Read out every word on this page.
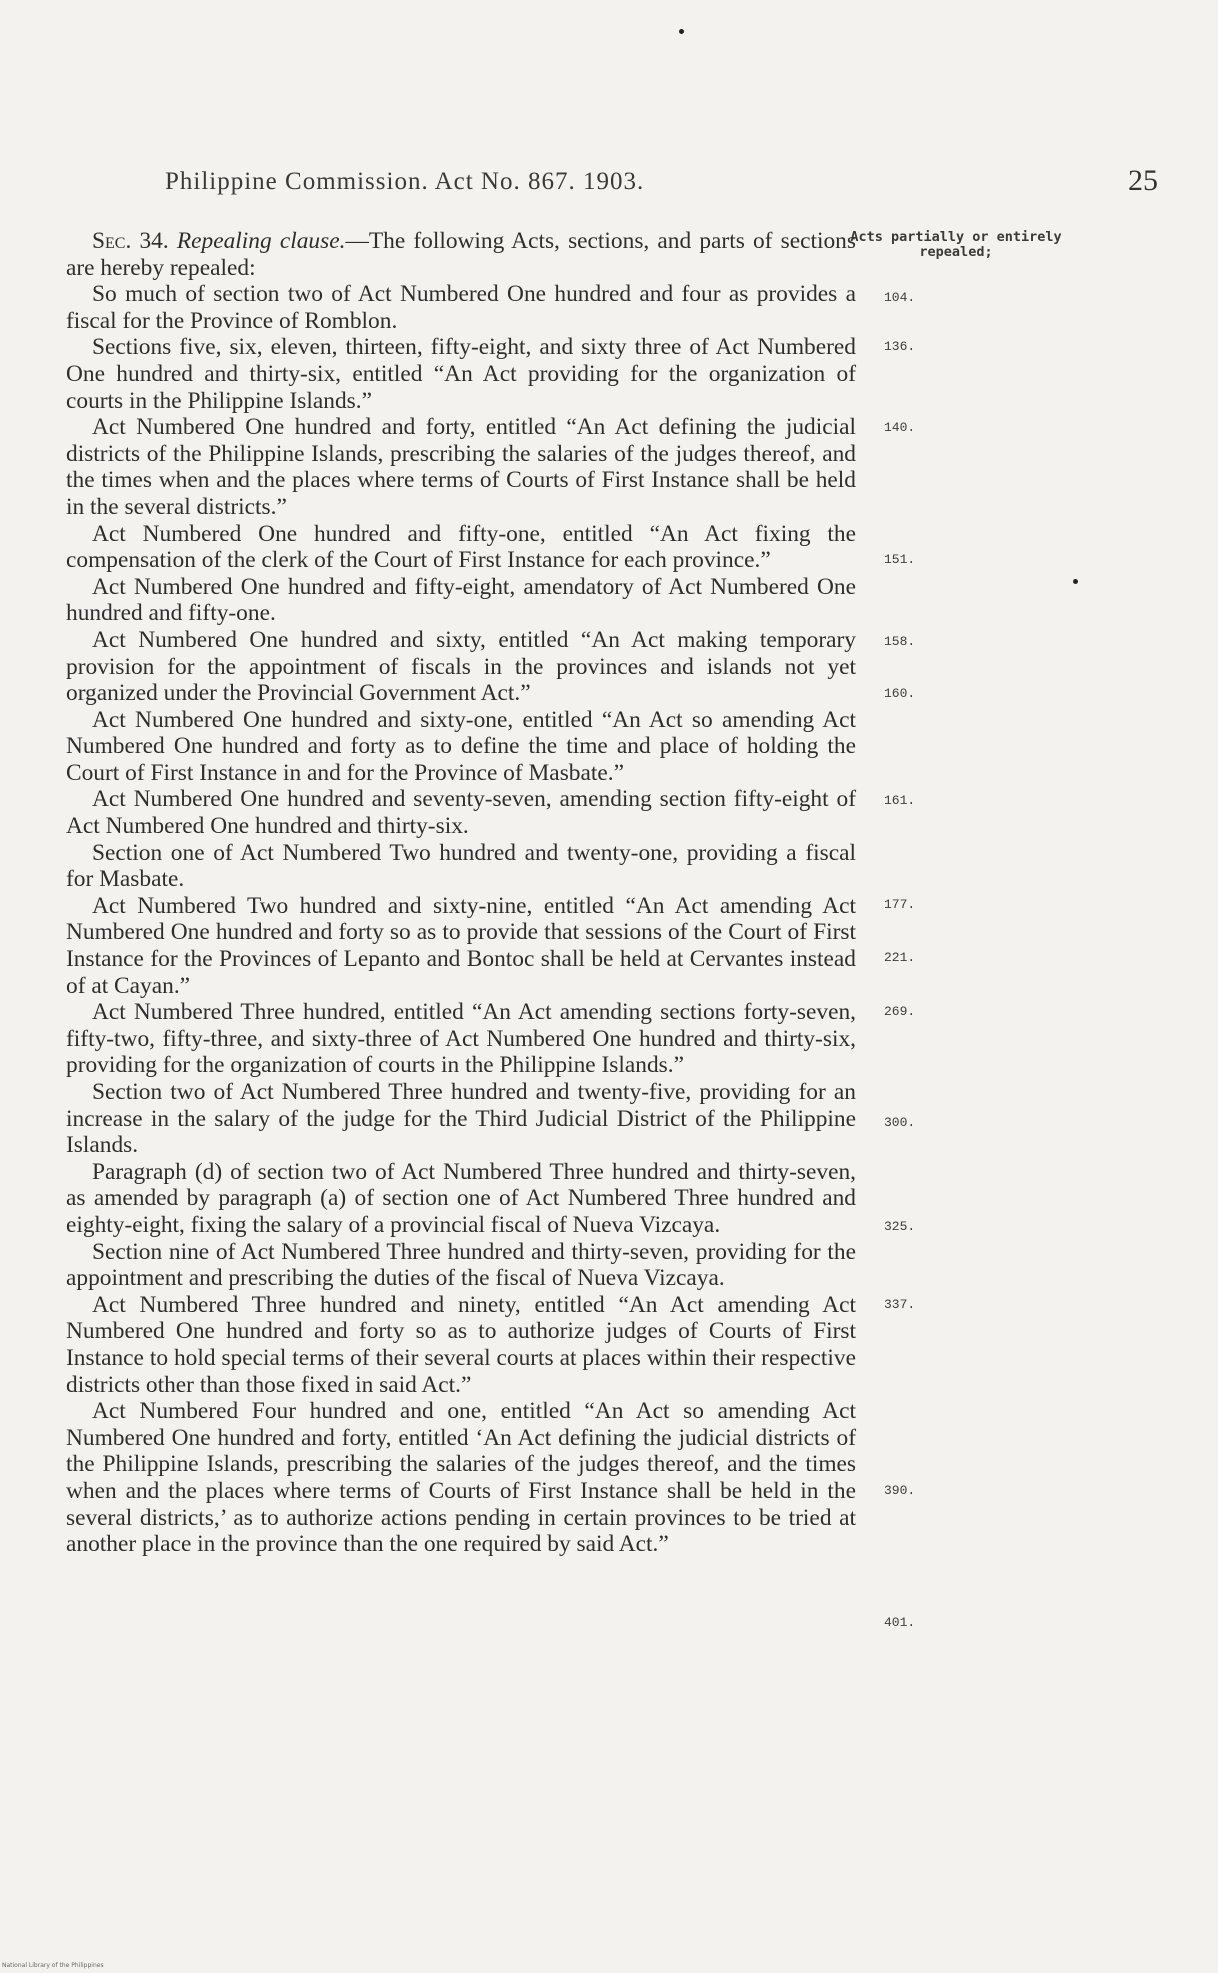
Philippine Commission. Act No. 867. 1903.	25
Acts partially or entirely repealed;

Sec. 34. Repealing clause.—The following Acts, sections, and parts of sections are hereby repealed:

So much of section two of Act Numbered One hundred and four as provides a fiscal for the Province of Romblon.

Sections five, six, eleven, thirteen, fifty-eight, and sixty three of Act Numbered One hundred and thirty-six, entitled “An Act providing for the organization of courts in the Philippine Islands.”

Act Numbered One hundred and forty, entitled “An Act defining the judicial districts of the Philippine Islands, prescribing the salaries of the judges thereof, and the times when and the places where terms of Courts of First Instance shall be held in the several districts.”

Act Numbered One hundred and fifty-one, entitled “An Act fixing the compensation of the clerk of the Court of First Instance for each province.”

Act Numbered One hundred and fifty-eight, amendatory of Act Numbered One hundred and fifty-one.

Act Numbered One hundred and sixty, entitled “An Act making temporary provision for the appointment of fiscals in the provinces and islands not yet organized under the Provincial Government Act.”

Act Numbered One hundred and sixty-one, entitled “An Act so amending Act Numbered One hundred and forty as to define the time and place of holding the Court of First Instance in and for the Province of Masbate.”

Act Numbered One hundred and seventy-seven, amending section fifty-eight of Act Numbered One hundred and thirty-six.

Section one of Act Numbered Two hundred and twenty-one, providing a fiscal for Masbate.

Act Numbered Two hundred and sixty-nine, entitled “An Act amending Act Numbered One hundred and forty so as to provide that sessions of the Court of First Instance for the Provinces of Lepanto and Bontoc shall be held at Cervantes instead of at Cayan.”

Act Numbered Three hundred, entitled “An Act amending sections forty-seven, fifty-two, fifty-three, and sixty-three of Act Numbered One hundred and thirty-six, providing for the organization of courts in the Philippine Islands.”

Section two of Act Numbered Three hundred and twenty-five, providing for an increase in the salary of the judge for the Third Judicial District of the Philippine Islands.

Paragraph (d) of section two of Act Numbered Three hundred and thirty-seven, as amended by paragraph (a) of section one of Act Numbered Three hundred and eighty-eight, fixing the salary of a provincial fiscal of Nueva Vizcaya.

Section nine of Act Numbered Three hundred and thirty-seven, providing for the appointment and prescribing the duties of the fiscal of Nueva Vizcaya.

Act Numbered Three hundred and ninety, entitled “An Act amending Act Numbered One hundred and forty so as to authorize judges of Courts of First Instance to hold special terms of their several courts at places within their respective districts other than those fixed in said Act.”

Act Numbered Four hundred and one, entitled “An Act so amending Act Numbered One hundred and forty, entitled ‘An Act defining the judicial districts of the Philippine Islands, prescribing the salaries of the judges thereof, and the times when and the places where terms of Courts of First Instance shall be held in the several districts,’ as to authorize actions pending in certain provinces to be tried at another place in the province than the one required by said Act.”

104.
136.
140.
151.
158.
160.
161.
177.
221.
269.
300.
325.
337.
390.
401.
National Library of the Philippines
